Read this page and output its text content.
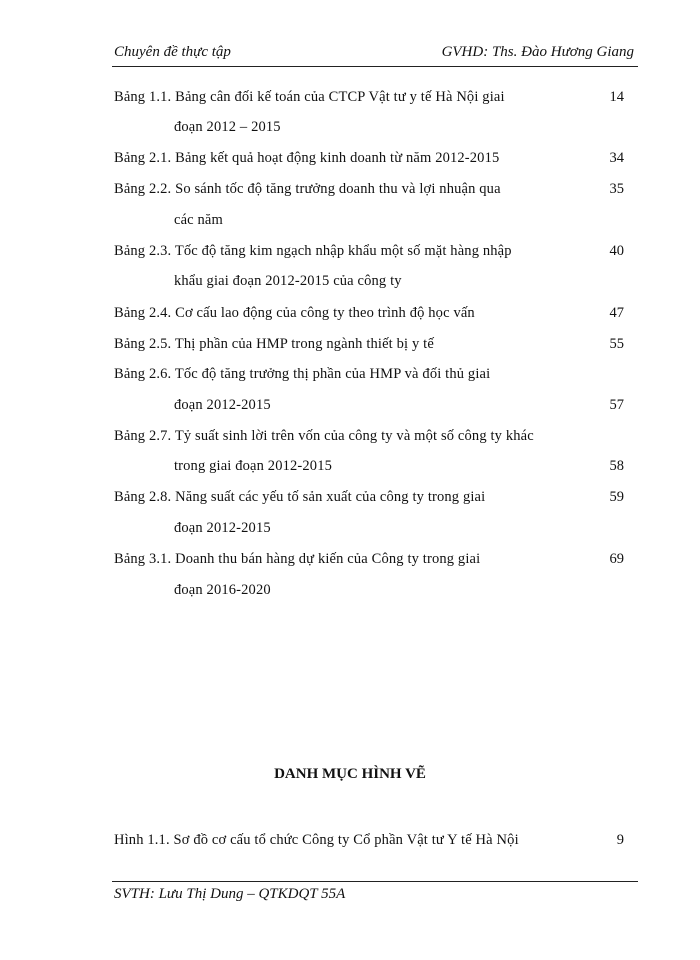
Chuyên đề thực tập	GVHD: Ths. Đào Hương Giang
Bảng 1.1. Bảng cân đối kế toán của CTCP Vật tư y tế Hà Nội giai	14
đoạn 2012 – 2015
Bảng 2.1. Bảng kết quả hoạt động kinh doanh từ năm 2012-2015	34
Bảng 2.2. So sánh tốc độ tăng trưởng doanh thu và lợi nhuận qua	35
các năm
Bảng 2.3. Tốc độ tăng kim ngạch nhập khẩu một số mặt hàng nhập	40
khẩu giai đoạn 2012-2015 của công ty
Bảng 2.4. Cơ cấu lao động của công ty theo trình độ học vấn	47
Bảng 2.5. Thị phần của HMP trong ngành thiết bị y tế	55
Bảng 2.6. Tốc độ tăng trưởng thị phần của HMP và đối thủ giai
đoạn 2012-2015	57
Bảng 2.7. Tỷ suất sinh lời trên vốn của công ty và một số công ty khác
trong giai đoạn 2012-2015	58
Bảng 2.8. Năng suất các yếu tố sản xuất của công ty trong giai	59
đoạn 2012-2015
Bảng 3.1. Doanh thu bán hàng dự kiến của Công ty trong giai	69
đoạn 2016-2020
DANH MỤC HÌNH VẼ
Hình 1.1. Sơ đồ cơ cấu tổ chức Công ty Cổ phần Vật tư Y tế Hà Nội	9
SVTH: Lưu Thị Dung – QTKDQT 55A
